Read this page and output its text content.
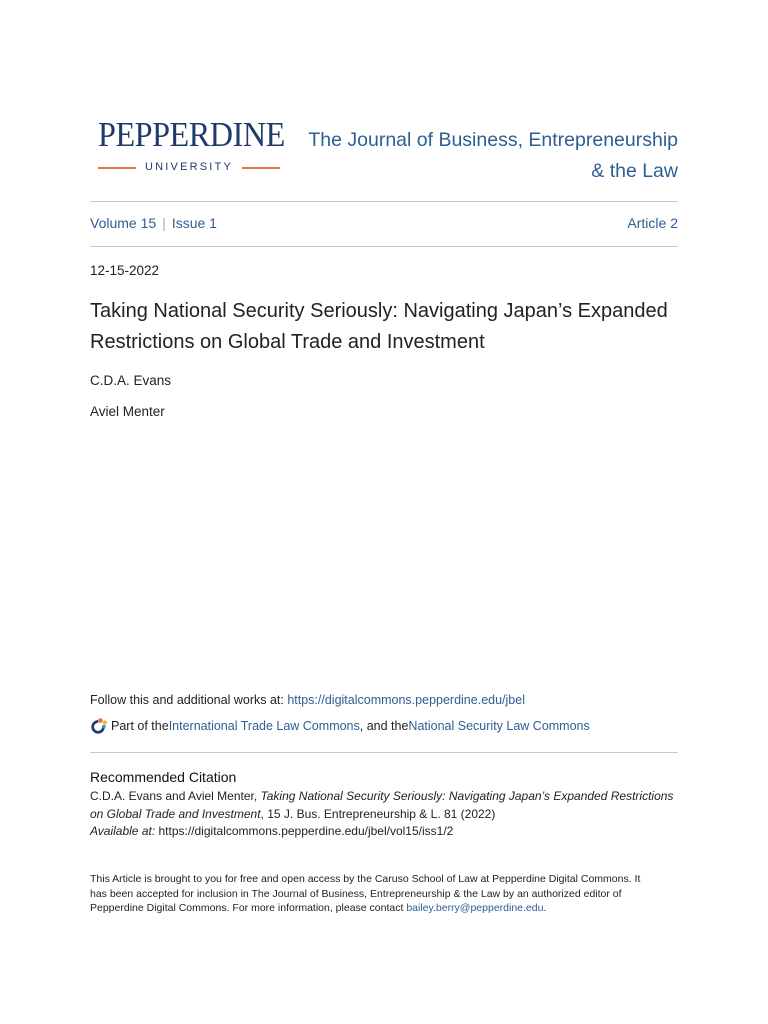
PEPPERDINE
UNIVERSITY
The Journal of Business, Entrepreneurship
& the Law
Volume 15 | Issue 1	Article 2
12-15-2022
Taking National Security Seriously: Navigating Japan’s Expanded Restrictions on Global Trade and Investment
C.D.A. Evans
Aviel Menter
Follow this and additional works at: https://digitalcommons.pepperdine.edu/jbel
Part of the International Trade Law Commons , and the National Security Law Commons
Recommended Citation
C.D.A. Evans and Aviel Menter, Taking National Security Seriously: Navigating Japan’s Expanded Restrictions on Global Trade and Investment, 15 J. Bus. Entrepreneurship & L. 81 (2022)
Available at: https://digitalcommons.pepperdine.edu/jbel/vol15/iss1/2
This Article is brought to you for free and open access by the Caruso School of Law at Pepperdine Digital Commons. It has been accepted for inclusion in The Journal of Business, Entrepreneurship & the Law by an authorized editor of Pepperdine Digital Commons. For more information, please contact bailey.berry@pepperdine.edu.
